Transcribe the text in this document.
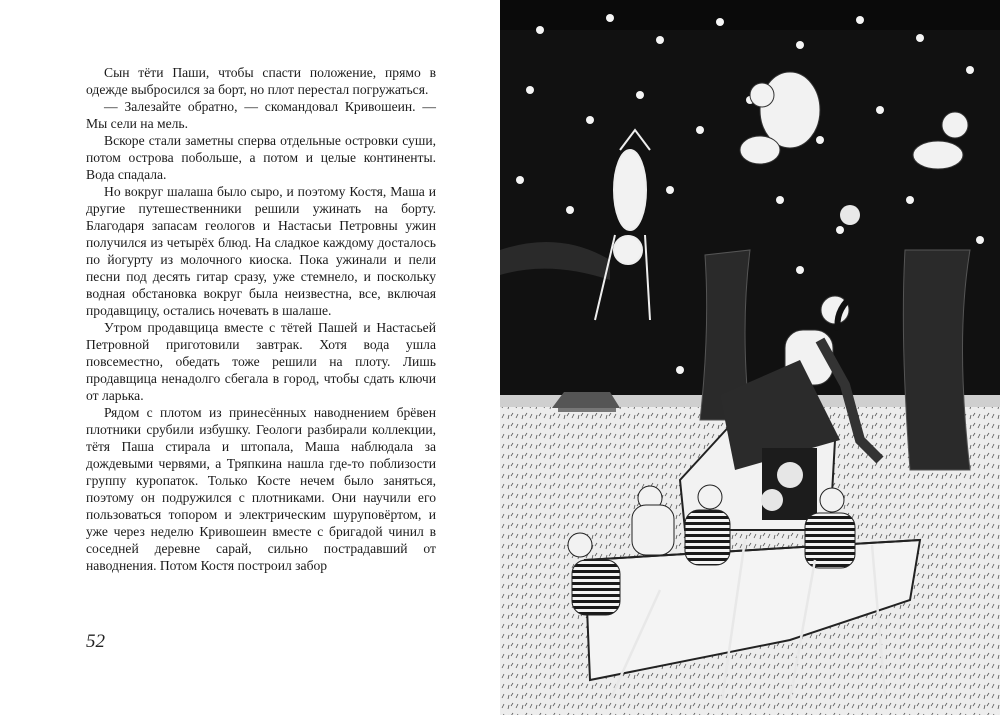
Сын тёти Паши, чтобы спасти положение, прямо в одежде выбросился за борт, но плот перестал погружаться.

— Залезайте обратно, — скомандовал Кривошеин. — Мы сели на мель.

Вскоре стали заметны сперва отдельные островки суши, потом острова побольше, а потом и целые континенты. Вода спадала.

Но вокруг шалаша было сыро, и поэтому Костя, Маша и другие путешественники решили ужинать на борту. Благодаря запасам геологов и Настасьи Петровны ужин получился из четырёх блюд. На сладкое каждому досталось по йогурту из молочного киоска. Пока ужинали и пели песни под десять гитар сразу, уже стемнело, и поскольку водная обстановка вокруг была неизвестна, все, включая продавщицу, остались ночевать в шалаше.

Утром продавщица вместе с тётей Пашей и Настасьей Петровной приготовили завтрак. Хотя вода ушла повсеместно, обедать тоже решили на плоту. Лишь продавщица ненадолго сбегала в город, чтобы сдать ключи от ларька.

Рядом с плотом из принесённых наводнением брёвен плотники срубили избушку. Геологи разбирали коллекции, тётя Паша стирала и штопала, Маша наблюдала за дождевыми червями, а Тряпкина нашла где-то поблизости группу куропаток. Только Косте нечем было заняться, поэтому он подружился с плотниками. Они научили его пользоваться топором и электрическим шуруповёртом, и уже через неделю Кривошеин вместе с бригадой чинил в соседней деревне сарай, сильно пострадавший от наводнения. Потом Костя построил забор

52
